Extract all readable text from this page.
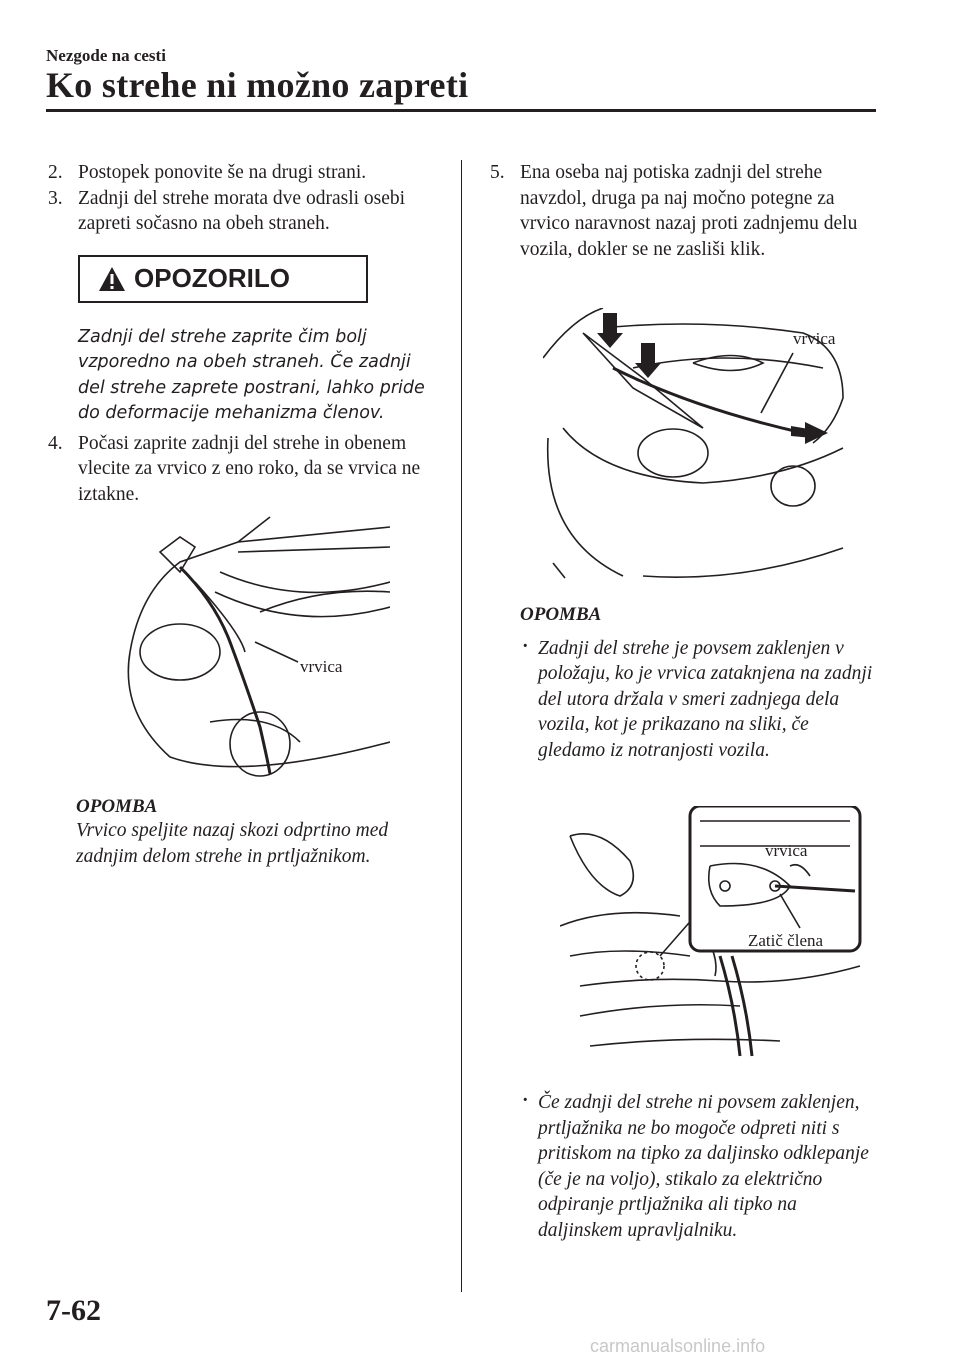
Nezgode na cesti
Ko strehe ni možno zapreti
2. Postopek ponovite še na drugi strani.
3. Zadnji del strehe morata dve odrasli osebi zapreti sočasno na obeh straneh.
OPOZORILO
Zadnji del strehe zaprite čim bolj vzporedno na obeh straneh. Če zadnji del strehe zaprete postrani, lahko pride do deformacije mehanizma členov.
4. Počasi zaprite zadnji del strehe in obenem vlecite za vrvico z eno roko, da se vrvica ne iztakne.
vrvica
OPOMBA
Vrvico speljite nazaj skozi odprtino med zadnjim delom strehe in prtljažnikom.
5. Ena oseba naj potiska zadnji del strehe navzdol, druga pa naj močno potegne za vrvico naravnost nazaj proti zadnjemu delu vozila, dokler se ne zasliši klik.
vrvica
OPOMBA
· Zadnji del strehe je povsem zaklenjen v položaju, ko je vrvica zataknjena na zadnji del utora držala v smeri zadnjega dela vozila, kot je prikazano na sliki, če gledamo iz notranjosti vozila.
vrvica
Zatič člena
· Če zadnji del strehe ni povsem zaklenjen, prtljažnika ne bo mogoče odpreti niti s pritiskom na tipko za daljinsko odklepanje (če je na voljo), stikalo za električno odpiranje prtljažnika ali tipko na daljinskem upravljalniku.
7-62
carmanualsonline.info
